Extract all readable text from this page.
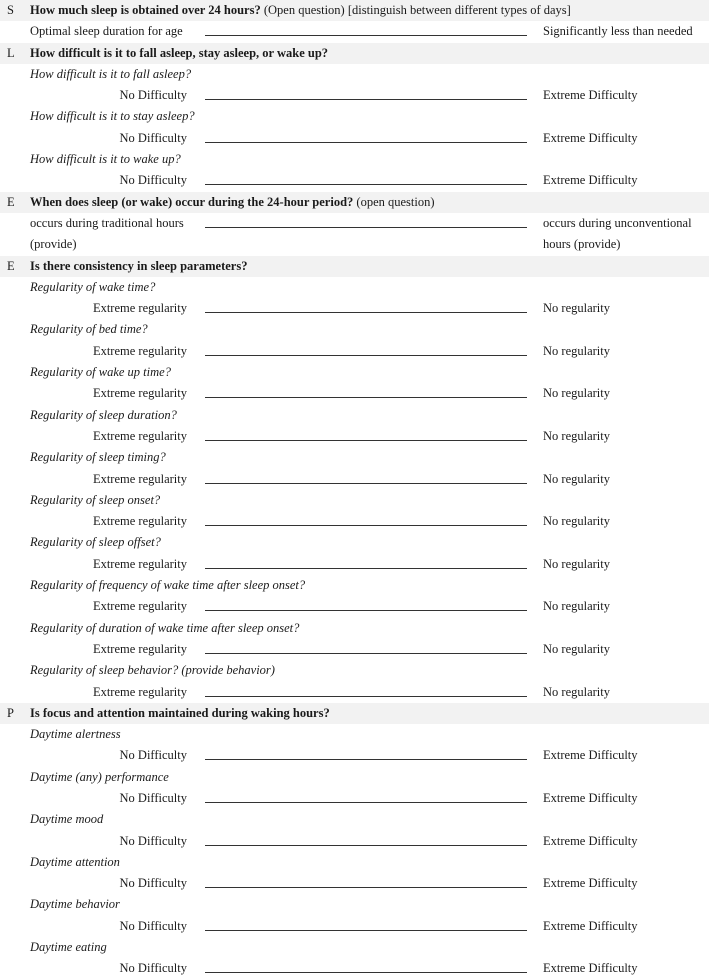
S How much sleep is obtained over 24 hours? (Open question) [distinguish between different types of days]
Optimal sleep duration for age	Significantly less than needed
L How difficult is it to fall asleep, stay asleep, or wake up?
How difficult is it to fall asleep?
No Difficulty	Extreme Difficulty
How difficult is it to stay asleep?
No Difficulty	Extreme Difficulty
How difficult is it to wake up?
No Difficulty	Extreme Difficulty
E When does sleep (or wake) occur during the 24-hour period? (open question)
occurs during traditional hours	occurs during unconventional
(provide)	hours (provide)
E Is there consistency in sleep parameters?
Regularity of wake time?
Extreme regularity	No regularity
Regularity of bed time?
Extreme regularity	No regularity
Regularity of wake up time?
Extreme regularity	No regularity
Regularity of sleep duration?
Extreme regularity	No regularity
Regularity of sleep timing?
Extreme regularity	No regularity
Regularity of sleep onset?
Extreme regularity	No regularity
Regularity of sleep offset?
Extreme regularity	No regularity
Regularity of frequency of wake time after sleep onset?
Extreme regularity	No regularity
Regularity of duration of wake time after sleep onset?
Extreme regularity	No regularity
Regularity of sleep behavior? (provide behavior)
Extreme regularity	No regularity
P Is focus and attention maintained during waking hours?
Daytime alertness
No Difficulty	Extreme Difficulty
Daytime (any) performance
No Difficulty	Extreme Difficulty
Daytime mood
No Difficulty	Extreme Difficulty
Daytime attention
No Difficulty	Extreme Difficulty
Daytime behavior
No Difficulty	Extreme Difficulty
Daytime eating
No Difficulty	Extreme Difficulty
